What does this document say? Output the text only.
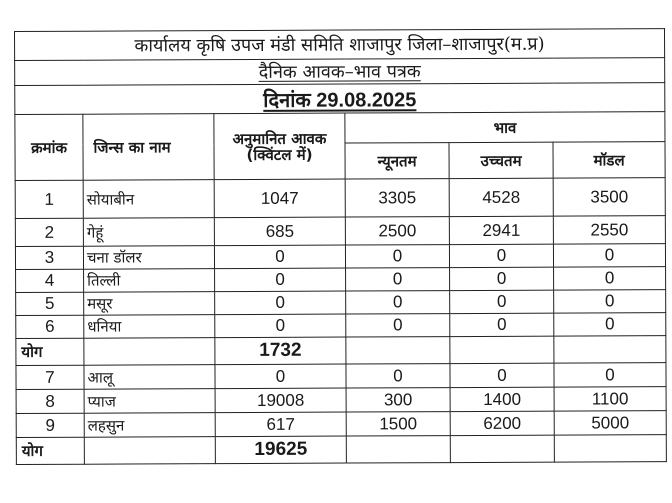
कार्यालय कृषि उपज मंडी समिति शाजापुर जिला–शाजापुर(म.प्र)					
दैनिक आवक–भाव पत्रक					
दिनांक 29.08.2025					
क्रमांक	जिन्स का नाम	अनुमानित आवक (क्विंटल में)	भाव		
			न्यूनतम	उच्चतम	मॉडल
1	सोयाबीन	1047	3305	4528	3500
2	गेहूं	685	2500	2941	2550
3	चना डॉलर	0	0	0	0
4	तिल्ली	0	0	0	0
5	मसूर	0	0	0	0
6	धनिया	0	0	0	0
योग		1732			
7	आलू	0	0	0	0
8	प्याज	19008	300	1400	1100
9	लहसुन	617	1500	6200	5000
योग		19625			
